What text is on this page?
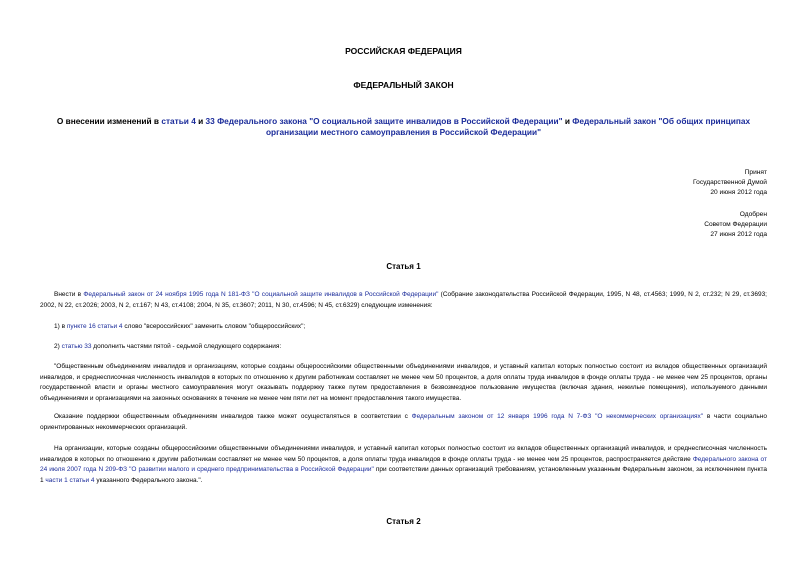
РОССИЙСКАЯ ФЕДЕРАЦИЯ
ФЕДЕРАЛЬНЫЙ ЗАКОН
О внесении изменений в статьи 4 и 33 Федерального закона "О социальной защите инвалидов в Российской Федерации" и Федеральный закон "Об общих принципах организации местного самоуправления в Российской Федерации"
Принят
Государственной Думой
20 июня 2012 года
Одобрен
Советом Федерации
27 июня 2012 года
Статья 1
Внести в Федеральный закон от 24 ноября 1995 года N 181-ФЗ "О социальной защите инвалидов в Российской Федерации" (Собрание законодательства Российской Федерации, 1995, N 48, ст.4563; 1999, N 2, ст.232; N 29, ст.3693; 2002, N 22, ст.2026; 2003, N 2, ст.167; N 43, ст.4108; 2004, N 35, ст.3607; 2011, N 30, ст.4596; N 45, ст.6329) следующие изменения:
1) в пункте 16 статьи 4 слово "всероссийских" заменить словом "общероссийских";
2) статью 33 дополнить частями пятой - седьмой следующего содержания:
"Общественным объединениям инвалидов и организациям, которые созданы общероссийскими общественными объединениями инвалидов, и уставный капитал которых полностью состоит из вкладов общественных организаций инвалидов, и среднесписочная численность инвалидов в которых по отношению к другим работникам составляет не менее чем 50 процентов, а доля оплаты труда инвалидов в фонде оплаты труда - не менее чем 25 процентов, органы государственной власти и органы местного самоуправления могут оказывать поддержку также путем предоставления в безвозмездное пользование имущества (включая здания, нежилые помещения), используемого данными объединениями и организациями на законных основаниях в течение не менее чем пяти лет на момент предоставления такого имущества.
Оказание поддержки общественным объединениям инвалидов также может осуществляться в соответствии с Федеральным законом от 12 января 1996 года N 7-ФЗ "О некоммерческих организациях" в части социально ориентированных некоммерческих организаций.
На организации, которые созданы общероссийскими общественными объединениями инвалидов, и уставный капитал которых полностью состоит из вкладов общественных организаций инвалидов, и среднесписочная численность инвалидов в которых по отношению к другим работникам составляет не менее чем 50 процентов, а доля оплаты труда инвалидов в фонде оплаты труда - не менее чем 25 процентов, распространяется действие Федерального закона от 24 июля 2007 года N 209-ФЗ "О развитии малого и среднего предпринимательства в Российской Федерации" при соответствии данных организаций требованиям, установленным указанным Федеральным законом, за исключением пункта 1 части 1 статьи 4 указанного Федерального закона.".
Статья 2
